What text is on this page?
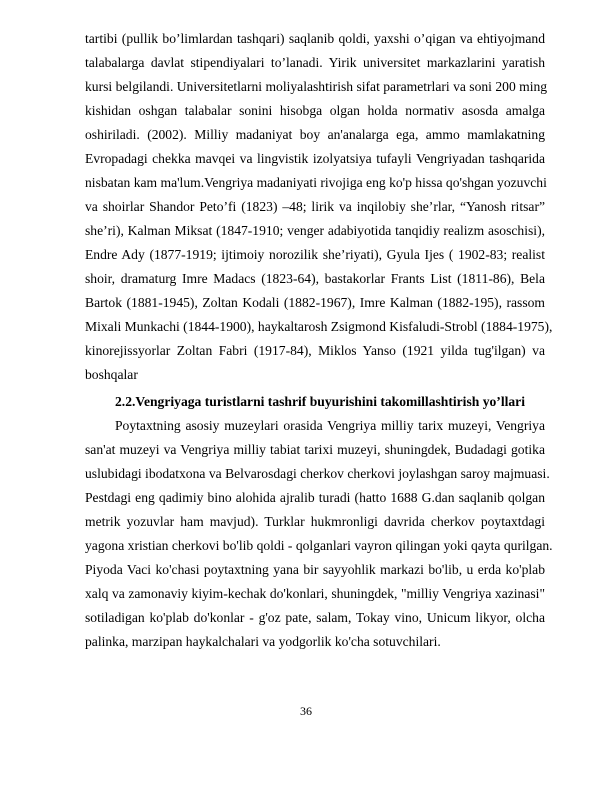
tartibi (pullik bo’limlardan tashqari) saqlanib qoldi, yaxshi o’qigan va ehtiyojmand
talabalarga davlat stipendiyalari to’lanadi. Yirik universitet markazlarini yaratish
kursi belgilandi. Universitetlarni moliyalashtirish sifat parametrlari va soni 200 ming
kishidan oshgan talabalar sonini hisobga olgan holda normativ asosda amalga
oshiriladi. (2002). Milliy madaniyat boy an'analarga ega, ammo mamlakatning
Evropadagi chekka mavqei va lingvistik izolyatsiya tufayli Vengriyadan tashqarida
nisbatan kam ma'lum.Vengriya madaniyati rivojiga eng ko'p hissa qo'shgan yozuvchi
va shoirlar Shandor Peto’fi (1823) –48; lirik va inqilobiy she’rlar, “Yanosh ritsar”
she’ri), Kalman Miksat (1847-1910; venger adabiyotida tanqidiy realizm asoschisi),
Endre Ady (1877-1919; ijtimoiy norozilik she’riyati), Gyula Ijes ( 1902-83; realist
shoir, dramaturg Imre Madacs (1823-64), bastakorlar Frants List (1811-86), Bela
Bartok (1881-1945), Zoltan Kodali (1882-1967), Imre Kalman (1882-195), rassom
Mixali Munkachi (1844-1900), haykaltarosh Zsigmond Kisfaludi-Strobl (1884-1975),
kinorejissyorlar Zoltan Fabri (1917-84), Miklos Yanso (1921 yilda tug'ilgan) va
boshqalar
2.2.Vengriyaga turistlarni tashrif buyurishini takomillashtirish yo’llari
Poytaxtning asosiy muzeylari orasida Vengriya milliy tarix muzeyi, Vengriya
san'at muzeyi va Vengriya milliy tabiat tarixi muzeyi, shuningdek, Budadagi gotika
uslubidagi ibodatxona va Belvarosdagi cherkov cherkovi joylashgan saroy majmuasi.
Pestdagi eng qadimiy bino alohida ajralib turadi (hatto 1688 G.dan saqlanib qolgan
metrik yozuvlar ham mavjud). Turklar hukmronligi davrida cherkov poytaxtdagi
yagona xristian cherkovi bo'lib qoldi - qolganlari vayron qilingan yoki qayta qurilgan.
Piyoda Vaci ko'chasi poytaxtning yana bir sayyohlik markazi bo'lib, u erda ko'plab
xalq va zamonaviy kiyim-kechak do'konlari, shuningdek, "milliy Vengriya xazinasi"
sotiladigan ko'plab do'konlar - g'oz pate, salam, Tokay vino, Unicum likyor, olcha
palinka, marzipan haykalchalari va yodgorlik ko'cha sotuvchilari.
36
